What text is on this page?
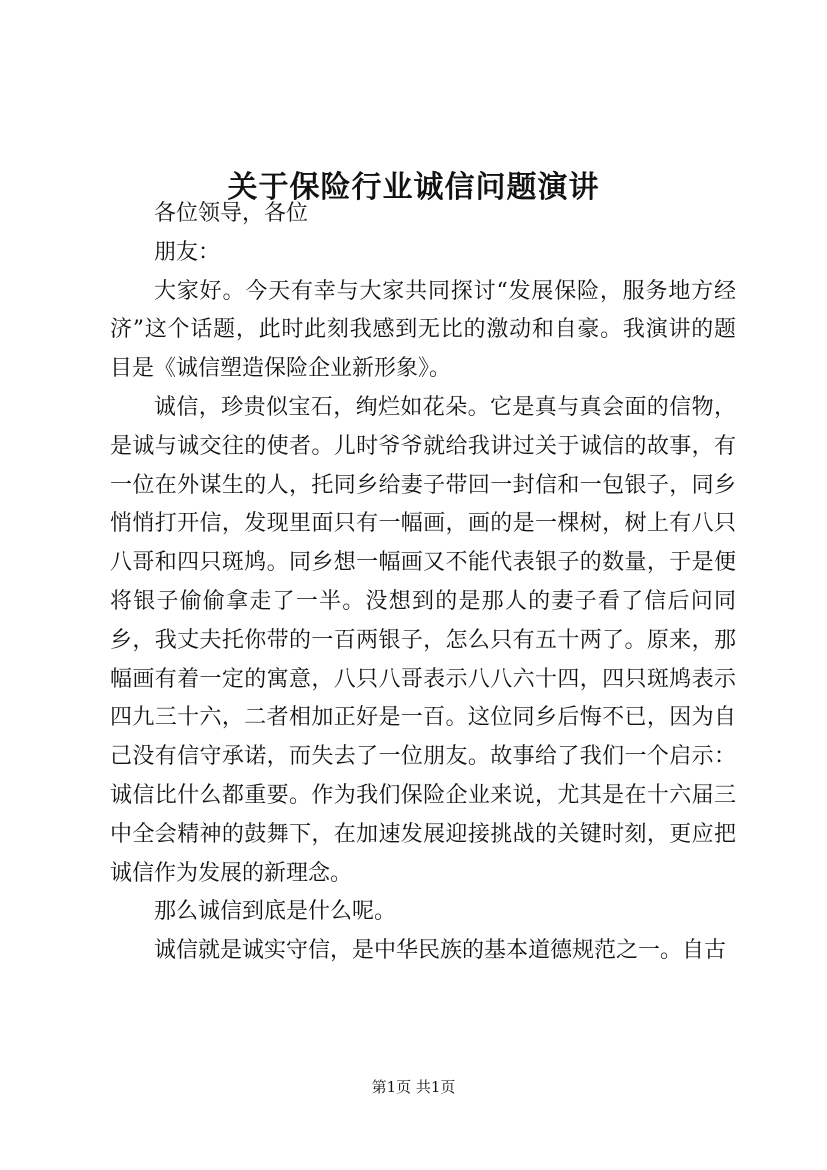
关于保险行业诚信问题演讲

各位领导，各位

朋友：

大家好。今天有幸与大家共同探讨“发展保险，服务地方经济”这个话题，此时此刻我感到无比的激动和自豪。我演讲的题目是《诚信塑造保险企业新形象》。

诚信，珍贵似宝石，绚烂如花朵。它是真与真会面的信物，是诚与诚交往的使者。儿时爷爷就给我讲过关于诚信的故事，有一位在外谋生的人，托同乡给妻子带回一封信和一包银子，同乡悄悄打开信，发现里面只有一幅画，画的是一棵树，树上有八只八哥和四只斑鸠。同乡想一幅画又不能代表银子的数量，于是便将银子偷偷拿走了一半。没想到的是那人的妻子看了信后问同乡，我丈夫托你带的一百两银子，怎么只有五十两了。原来，那幅画有着一定的寓意，八只八哥表示八八六十四，四只斑鸠表示四九三十六，二者相加正好是一百。这位同乡后悔不已，因为自己没有信守承诺，而失去了一位朋友。故事给了我们一个启示：诚信比什么都重要。作为我们保险企业来说，尤其是在十六届三中全会精神的鼓舞下，在加速发展迎接挑战的关键时刻，更应把诚信作为发展的新理念。

那么诚信到底是什么呢。

诚信就是诚实守信，是中华民族的基本道德规范之一。自古

第1页 共1页
